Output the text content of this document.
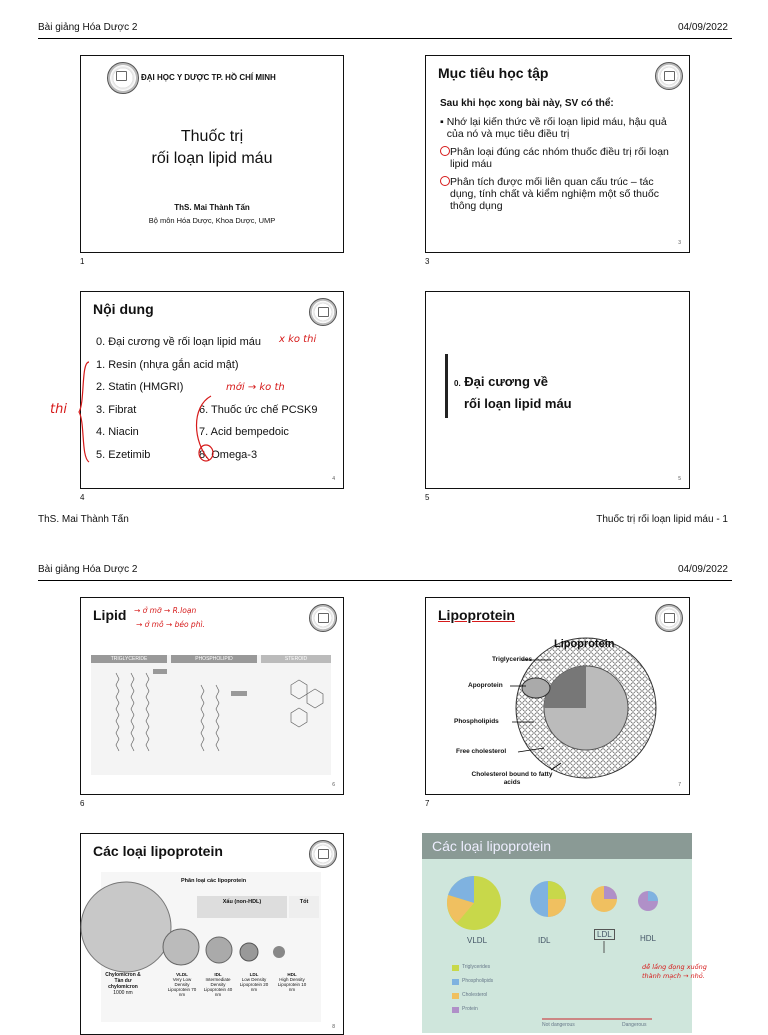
Bài giảng Hóa Dược 2	04/09/2022
ĐẠI HỌC Y DƯỢC TP. HỒ CHÍ MINH
Thuốc trị
rối loạn lipid máu
ThS. Mai Thành Tấn
Bộ môn Hóa Dược, Khoa Dược, UMP
1
Mục tiêu học tập
Sau khi học xong bài này, SV có thể:
▪ Nhớ lại kiến thức về rối loạn lipid máu, hậu quả của nó và mục tiêu điều trị
Phân loại đúng các nhóm thuốc điều trị rối loạn lipid máu
Phân tích được mối liên quan cấu trúc – tác dụng, tính chất và kiểm nghiệm một số thuốc thông dụng
3
3
Nội dung
0. Đại cương về rối loạn lipid máu x ko thi
1. Resin (nhựa gắn acid mật)
2. Statin (HMGRI)
3. Fibrat
4. Niacin
5. Ezetimib
6. Thuốc ức chế PCSK9
7. Acid bempedoic
8. Omega-3
mới → ko th
4
thi
4
0. Đại cương về
rối loạn lipid máu
5
5
ThS. Mai Thành Tấn	Thuốc trị rối loạn lipid máu - 1
Bài giảng Hóa Dược 2	04/09/2022
Lipid → ở mỡ → R.loạn
→ ở mô → béo phì.
TRIGLYCERIDE	PHOSPHOLIPID	STEROID
6
6
Lipoprotein
Lipoprotein
Triglycerides
Apoprotein
Phospholipids
Free cholesterol
Cholesterol bound to fatty acids	7
7
Các loại lipoprotein
Phân loại các lipoprotein
Xấu (non-HDL)	Tốt
Chylomicron & Tàn dư chylomicron
1000 nm
VLDL
Very Low Density Lipoprotein 70 nm
IDL
Intermediate Density Lipoprotein 40 nm
LDL
Low Density Lipoprotein 20 nm
HDL
High Density Lipoprotein 10 nm
8
Các loại lipoprotein
VLDL	IDL
LDL	HDL
Triglycerides
Phospholipids
Cholesterol
Protein
Not dangerous	Dangerous
dễ lắng đọng xuống thành mạch → nhỏ.
